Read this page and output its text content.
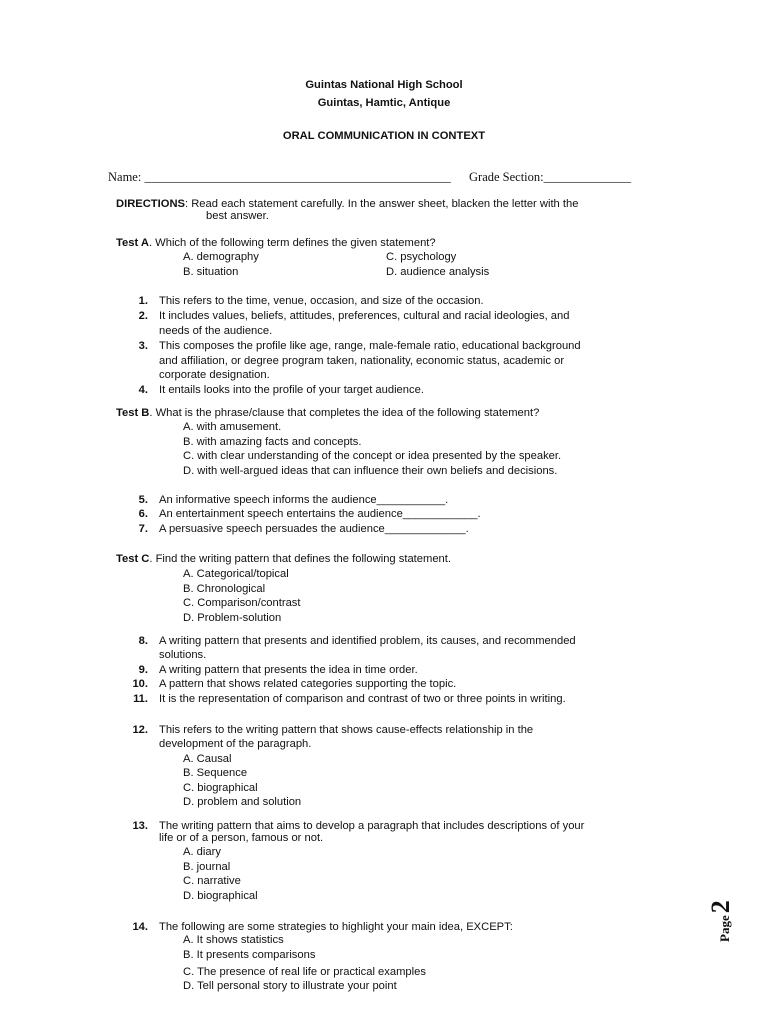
Guintas National High School
Guintas, Hamtic, Antique
ORAL COMMUNICATION IN CONTEXT
Name: _________________________________________________ Grade Section:______________
DIRECTIONS: Read each statement carefully. In the answer sheet, blacken the letter with the
best answer.
Test A. Which of the following term defines the given statement?
A. demography	C. psychology
B. situation	D. audience analysis
1. This refers to the time, venue, occasion, and size of the occasion.
2. It includes values, beliefs, attitudes, preferences, cultural and racial ideologies, and
needs of the audience.
3. This composes the profile like age, range, male-female ratio, educational background
and affiliation, or degree program taken, nationality, economic status, academic or
corporate designation.
4. It entails looks into the profile of your target audience.
Test B. What is the phrase/clause that completes the idea of the following statement?
A. with amusement.
B. with amazing facts and concepts.
C. with clear understanding of the concept or idea presented by the speaker.
D. with well-argued ideas that can influence their own beliefs and decisions.
5. An informative speech informs the audience___________.
6. An entertainment speech entertains the audience____________.
7. A persuasive speech persuades the audience_____________.
Test C. Find the writing pattern that defines the following statement.
A. Categorical/topical
B. Chronological
C. Comparison/contrast
D. Problem-solution
8. A writing pattern that presents and identified problem, its causes, and recommended
solutions.
9. A writing pattern that presents the idea in time order.
10. A pattern that shows related categories supporting the topic.
11. It is the representation of comparison and contrast of two or three points in writing.
12. This refers to the writing pattern that shows cause-effects relationship in the
development of the paragraph.
A. Causal
B. Sequence
C. biographical
D. problem and solution
13. The writing pattern that aims to develop a paragraph that includes descriptions of your
life or of a person, famous or not.
A. diary
B. journal
C. narrative
D. biographical
14. The following are some strategies to highlight your main idea, EXCEPT:
A. It shows statistics
B. It presents comparisons
C. The presence of real life or practical examples
D. Tell personal story to illustrate your point
Page2
